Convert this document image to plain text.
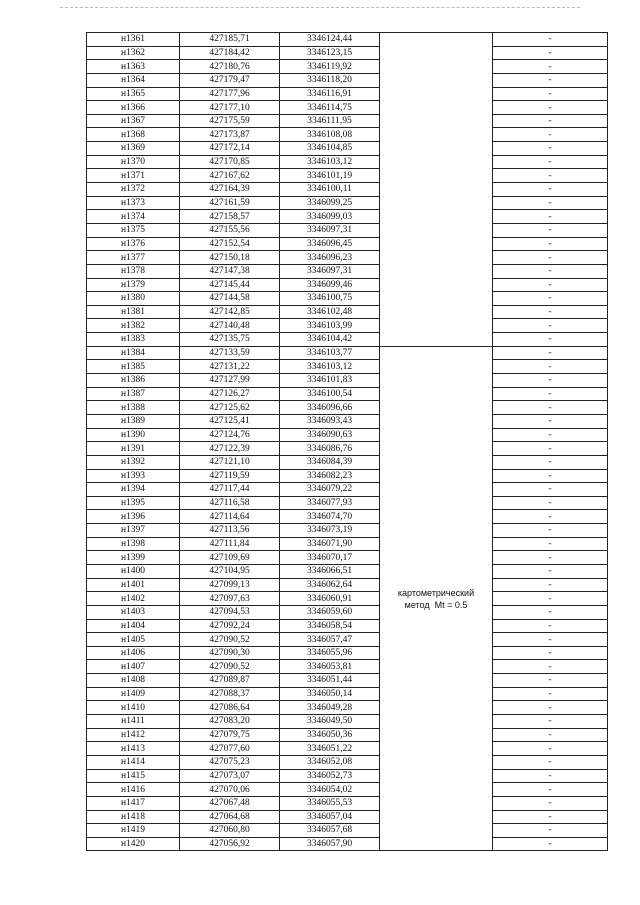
н1361	427185,71	3346124,44		-
н1362	427184,42	3346123,15		-
н1363	427180,76	3346119,92		-
н1364	427179,47	3346118,20		-
н1365	427177,96	3346116,91		-
н1366	427177,10	3346114,75		-
н1367	427175,59	3346111,95		-
н1368	427173,87	3346108,08		-
н1369	427172,14	3346104,85		-
н1370	427170,85	3346103,12		-
н1371	427167,62	3346101,19		-
н1372	427164,39	3346100,11		-
н1373	427161,59	3346099,25		-
н1374	427158,57	3346099,03		-
н1375	427155,56	3346097,31		-
н1376	427152,54	3346096,45		-
н1377	427150,18	3346096,23		-
н1378	427147,38	3346097,31		-
н1379	427145,44	3346099,46		-
н1380	427144,58	3346100,75		-
н1381	427142,85	3346102,48		-
н1382	427140,48	3346103,99		-
н1383	427135,75	3346104,42		-
н1384	427133,59	3346103,77	картометрический
метод  Mt = 0.5	-
н1385	427131,22	3346103,12		-
н1386	427127,99	3346101,83		-
н1387	427126,27	3346100,54		-
н1388	427125,62	3346096,66		-
н1389	427125,41	3346093,43		-
н1390	427124,76	3346090,63		-
н1391	427122,39	3346086,76		-
н1392	427121,10	3346084,39		-
н1393	427119,59	3346082,23		-
н1394	427117,44	3346079,22		-
н1395	427116,58	3346077,93		-
н1396	427114,64	3346074,70		-
н1397	427113,56	3346073,19		-
н1398	427111,84	3346071,90		-
н1399	427109,69	3346070,17		-
н1400	427104,95	3346066,51		-
н1401	427099,13	3346062,64		-
н1402	427097,63	3346060,91		-
н1403	427094,53	3346059,60		-
н1404	427092,24	3346058,54		-
н1405	427090,52	3346057,47		-
н1406	427090,30	3346055,96		-
н1407	427090,52	3346053,81		-
н1408	427089,87	3346051,44		-
н1409	427088,37	3346050,14		-
н1410	427086,64	3346049,28		-
н1411	427083,20	3346049,50		-
н1412	427079,75	3346050,36		-
н1413	427077,60	3346051,22		-
н1414	427075,23	3346052,08		-
н1415	427073,07	3346052,73		-
н1416	427070,06	3346054,02		-
н1417	427067,48	3346055,53		-
н1418	427064,68	3346057,04		-
н1419	427060,80	3346057,68		-
н1420	427056,92	3346057,90		-
